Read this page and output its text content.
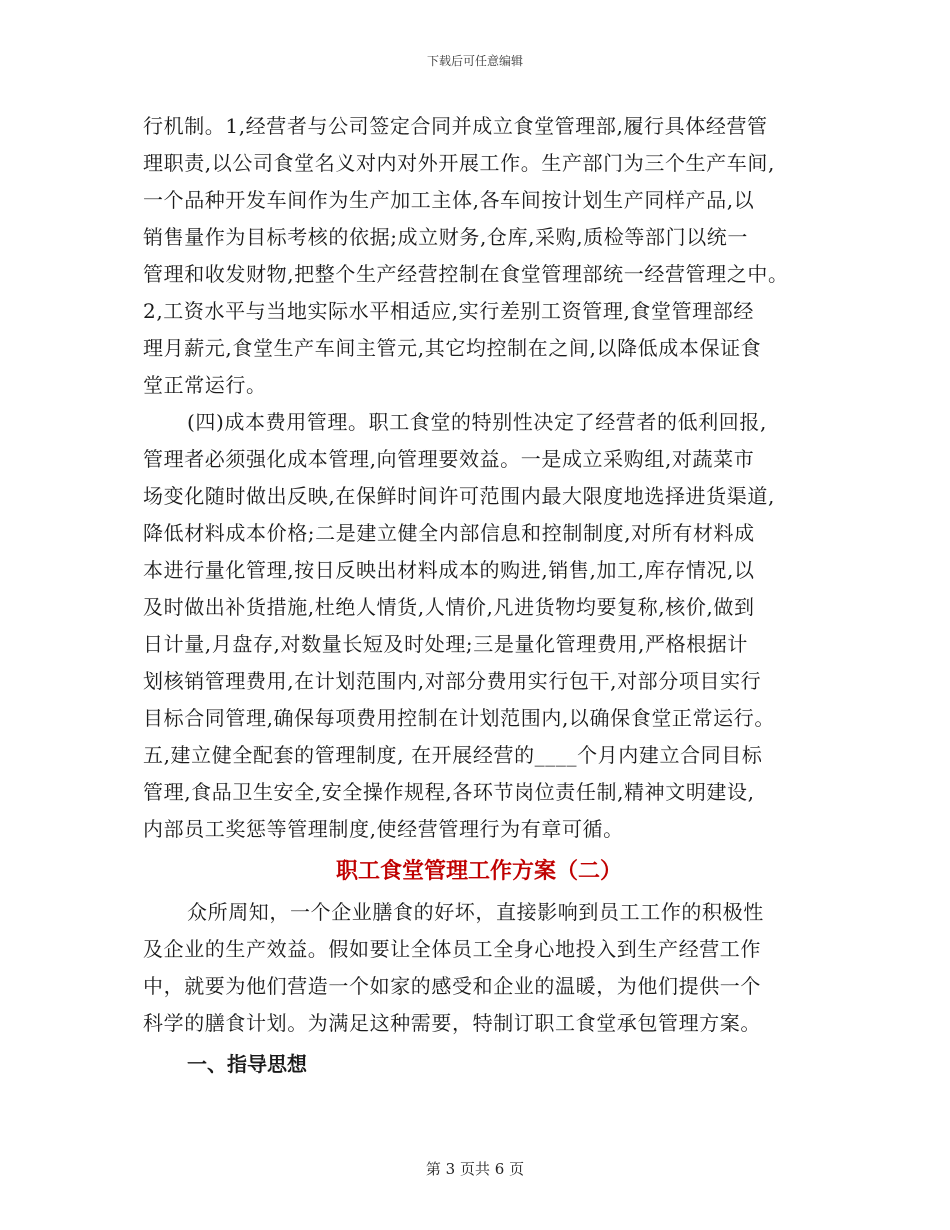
下载后可任意编辑
行机制。1,经营者与公司签定合同并成立食堂管理部,履行具体经营管
理职责,以公司食堂名义对内对外开展工作。生产部门为三个生产车间,
一个品种开发车间作为生产加工主体,各车间按计划生产同样产品,以
销售量作为目标考核的依据;成立财务,仓库,采购,质检等部门以统一
管理和收发财物,把整个生产经营控制在食堂管理部统一经营管理之中。
2,工资水平与当地实际水平相适应,实行差别工资管理,食堂管理部经
理月薪元,食堂生产车间主管元,其它均控制在之间,以降低成本保证食
堂正常运行。
(四)成本费用管理。职工食堂的特别性决定了经营者的低利回报,
管理者必须强化成本管理,向管理要效益。一是成立采购组,对蔬菜市
场变化随时做出反映,在保鲜时间许可范围内最大限度地选择进货渠道,
降低材料成本价格;二是建立健全内部信息和控制制度,对所有材料成
本进行量化管理,按日反映出材料成本的购进,销售,加工,库存情况,以
及时做出补货措施,杜绝人情货,人情价,凡进货物均要复称,核价,做到
日计量,月盘存,对数量长短及时处理;三是量化管理费用,严格根据计
划核销管理费用,在计划范围内,对部分费用实行包干,对部分项目实行
目标合同管理,确保每项费用控制在计划范围内,以确保食堂正常运行。
五,建立健全配套的管理制度, 在开展经营的____个月内建立合同目标
管理,食品卫生安全,安全操作规程,各环节岗位责任制,精神文明建设,
内部员工奖惩等管理制度,使经营管理行为有章可循。
职工食堂管理工作方案（二）
众所周知，一个企业膳食的好坏，直接影响到员工工作的积极性
及企业的生产效益。假如要让全体员工全身心地投入到生产经营工作
中，就要为他们营造一个如家的感受和企业的温暖，为他们提供一个
科学的膳食计划。为满足这种需要，特制订职工食堂承包管理方案。
一、指导思想
第 3 页共 6 页
